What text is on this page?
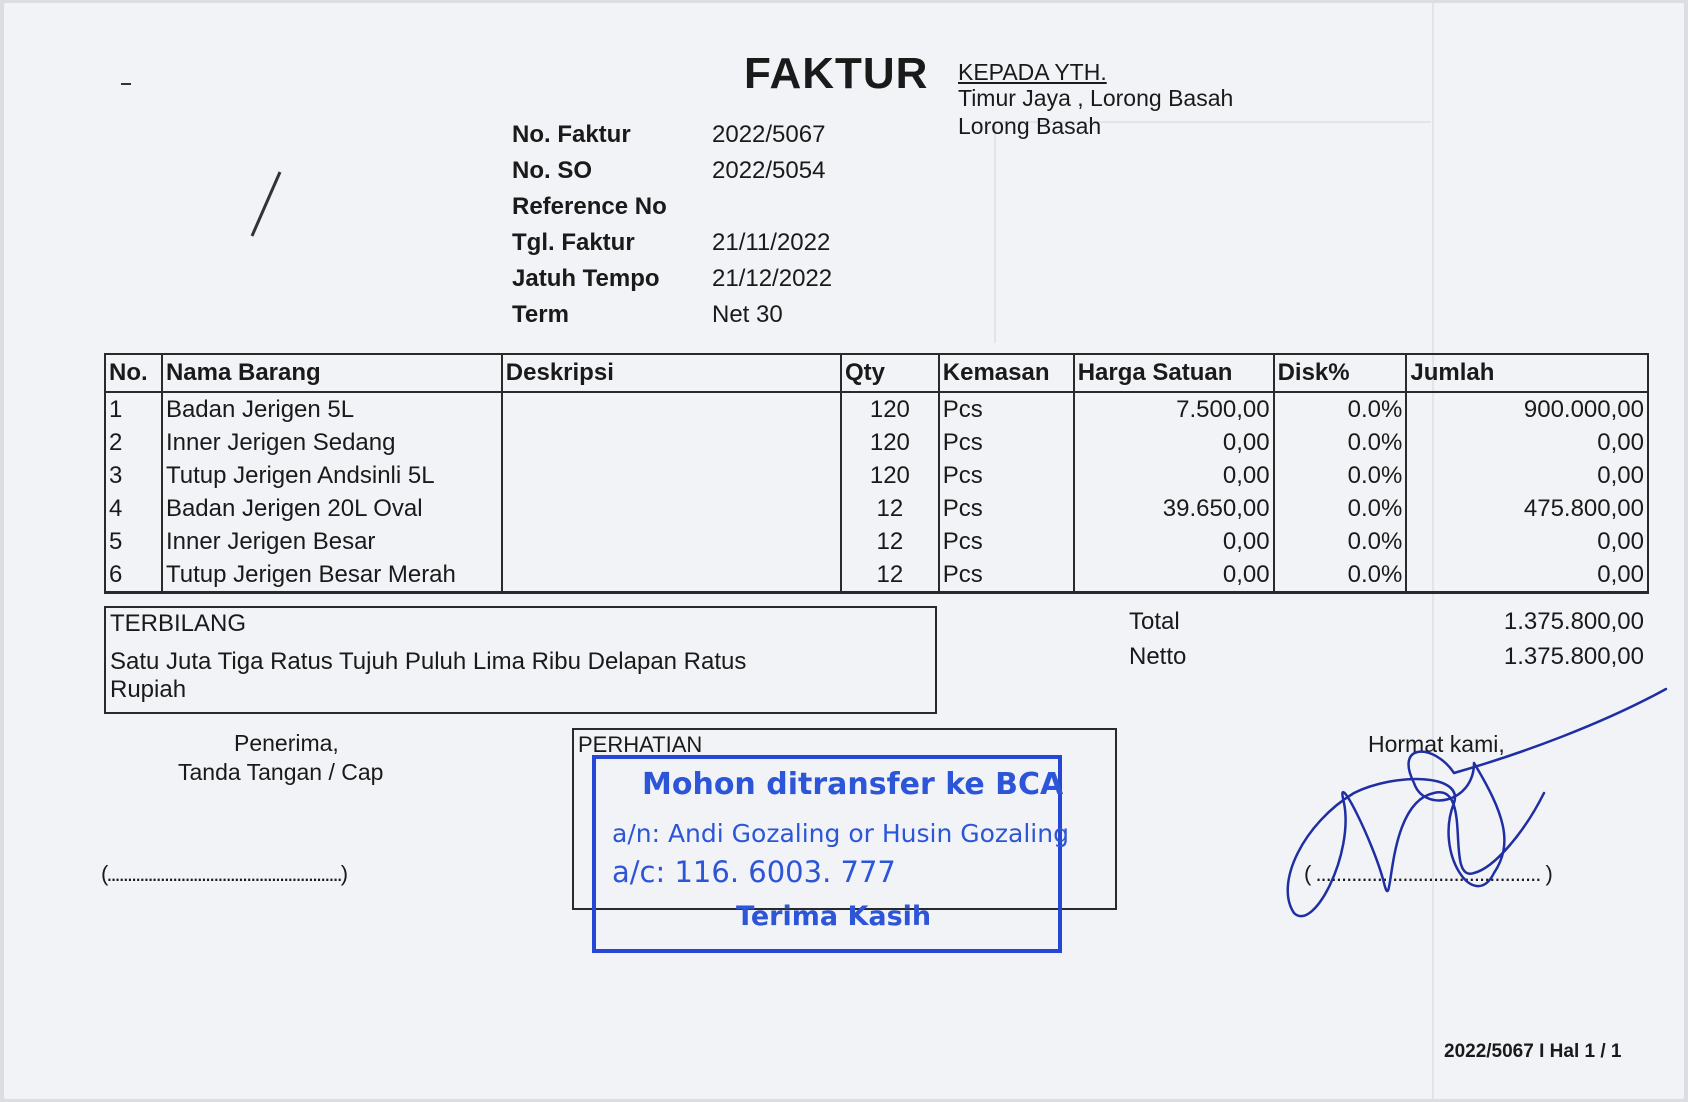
FAKTUR KEPADA YTH.
Timur Jaya , Lorong Basah
Lorong Basah
No. Faktur	2022/5067
No. SO	2022/5054
Reference No
Tgl. Faktur	21/11/2022
Jatuh Tempo 21/12/2022
Term	Net 30
No.	Nama Barang	Deskripsi	Qty	Kemasan	Harga Satuan	Disk%	Jumlah
1	Badan Jerigen 5L		120	Pcs	7.500,00	0.0%	900.000,00
2	Inner Jerigen Sedang		120	Pcs	0,00	0.0%	0,00
3	Tutup Jerigen Andsinli 5L		120	Pcs	0,00	0.0%	0,00
4	Badan Jerigen 20L Oval		12	Pcs	39.650,00	0.0%	475.800,00
5	Inner Jerigen Besar		12	Pcs	0,00	0.0%	0,00
6	Tutup Jerigen Besar Merah		12	Pcs	0,00	0.0%	0,00
TERBILANG
Satu Juta Tiga Ratus Tujuh Puluh Lima Ribu Delapan Ratus
Rupiah
Total	1.375.800,00
Netto	1.375.800,00
Penerima,
Tanda Tangan / Cap
(.........................................................)
PERHATIAN
Mohon ditransfer ke BCA
a/n: Andi Gozaling or Husin Gozaling
a/c: 116. 6003. 777
Terima Kasih
Hormat kami,
( ............................................ )
2022/5067 I Hal 1 / 1
